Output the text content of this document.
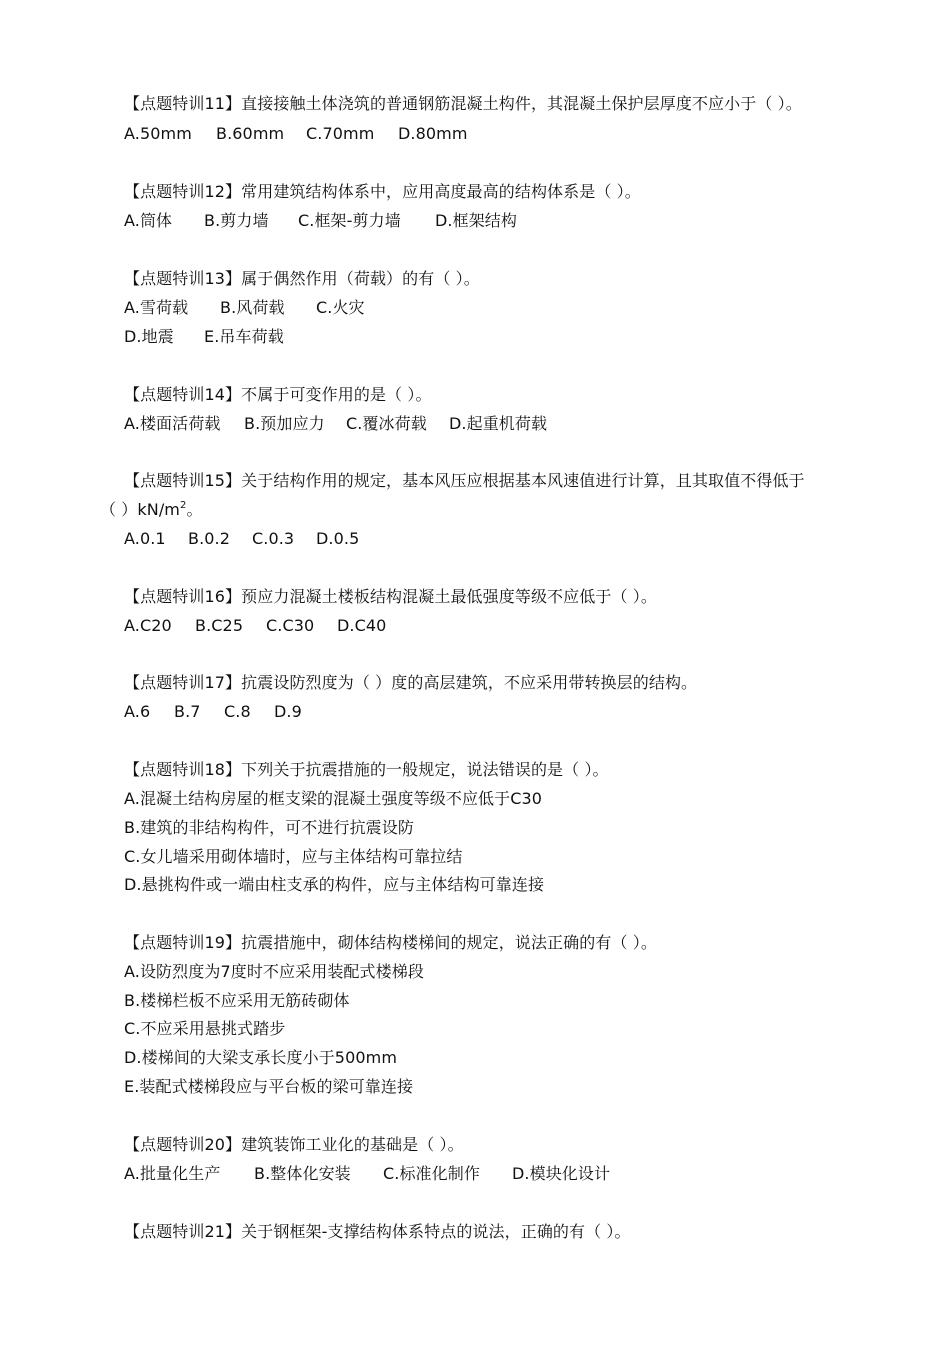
【点题特训11】直接接触土体浇筑的普通钢筋混凝土构件，其混凝土保护层厚度不应小于（ ）。
A.50mm B.60mm C.70mm D.80mm
【点题特训12】常用建筑结构体系中，应用高度最高的结构体系是（ ）。
A.筒体 B.剪力墙 C.框架-剪力墙 D.框架结构
【点题特训13】属于偶然作用（荷载）的有（ ）。
A.雪荷载 B.风荷载 C.火灾
D.地震 E.吊车荷载
【点题特训14】不属于可变作用的是（ ）。
A.楼面活荷载 B.预加应力 C.覆冰荷载 D.起重机荷载
【点题特训15】关于结构作用的规定，基本风压应根据基本风速值进行计算，且其取值不得低于
（ ）$kN/m^2$。
A.0.1 B.0.2 C.0.3 D.0.5
【点题特训16】预应力混凝土楼板结构混凝土最低强度等级不应低于（ ）。
A.C20 B.C25 C.C30 D.C40
【点题特训17】抗震设防烈度为（ ）度的高层建筑，不应采用带转换层的结构。
A.6 B.7 C.8 D.9
【点题特训18】下列关于抗震措施的一般规定，说法错误的是（ ）。
A.混凝土结构房屋的框支梁的混凝土强度等级不应低于C30
B.建筑的非结构构件，可不进行抗震设防
C.女儿墙采用砌体墙时，应与主体结构可靠拉结
D.悬挑构件或一端由柱支承的构件，应与主体结构可靠连接
【点题特训19】抗震措施中，砌体结构楼梯间的规定，说法正确的有（ ）。
A.设防烈度为7度时不应采用装配式楼梯段
B.楼梯栏板不应采用无筋砖砌体
C.不应采用悬挑式踏步
D.楼梯间的大梁支承长度小于500mm
E.装配式楼梯段应与平台板的梁可靠连接
【点题特训20】建筑装饰工业化的基础是（ ）。
A.批量化生产 B.整体化安装 C.标准化制作 D.模块化设计
【点题特训21】关于钢框架-支撑结构体系特点的说法，正确的有（ ）。
